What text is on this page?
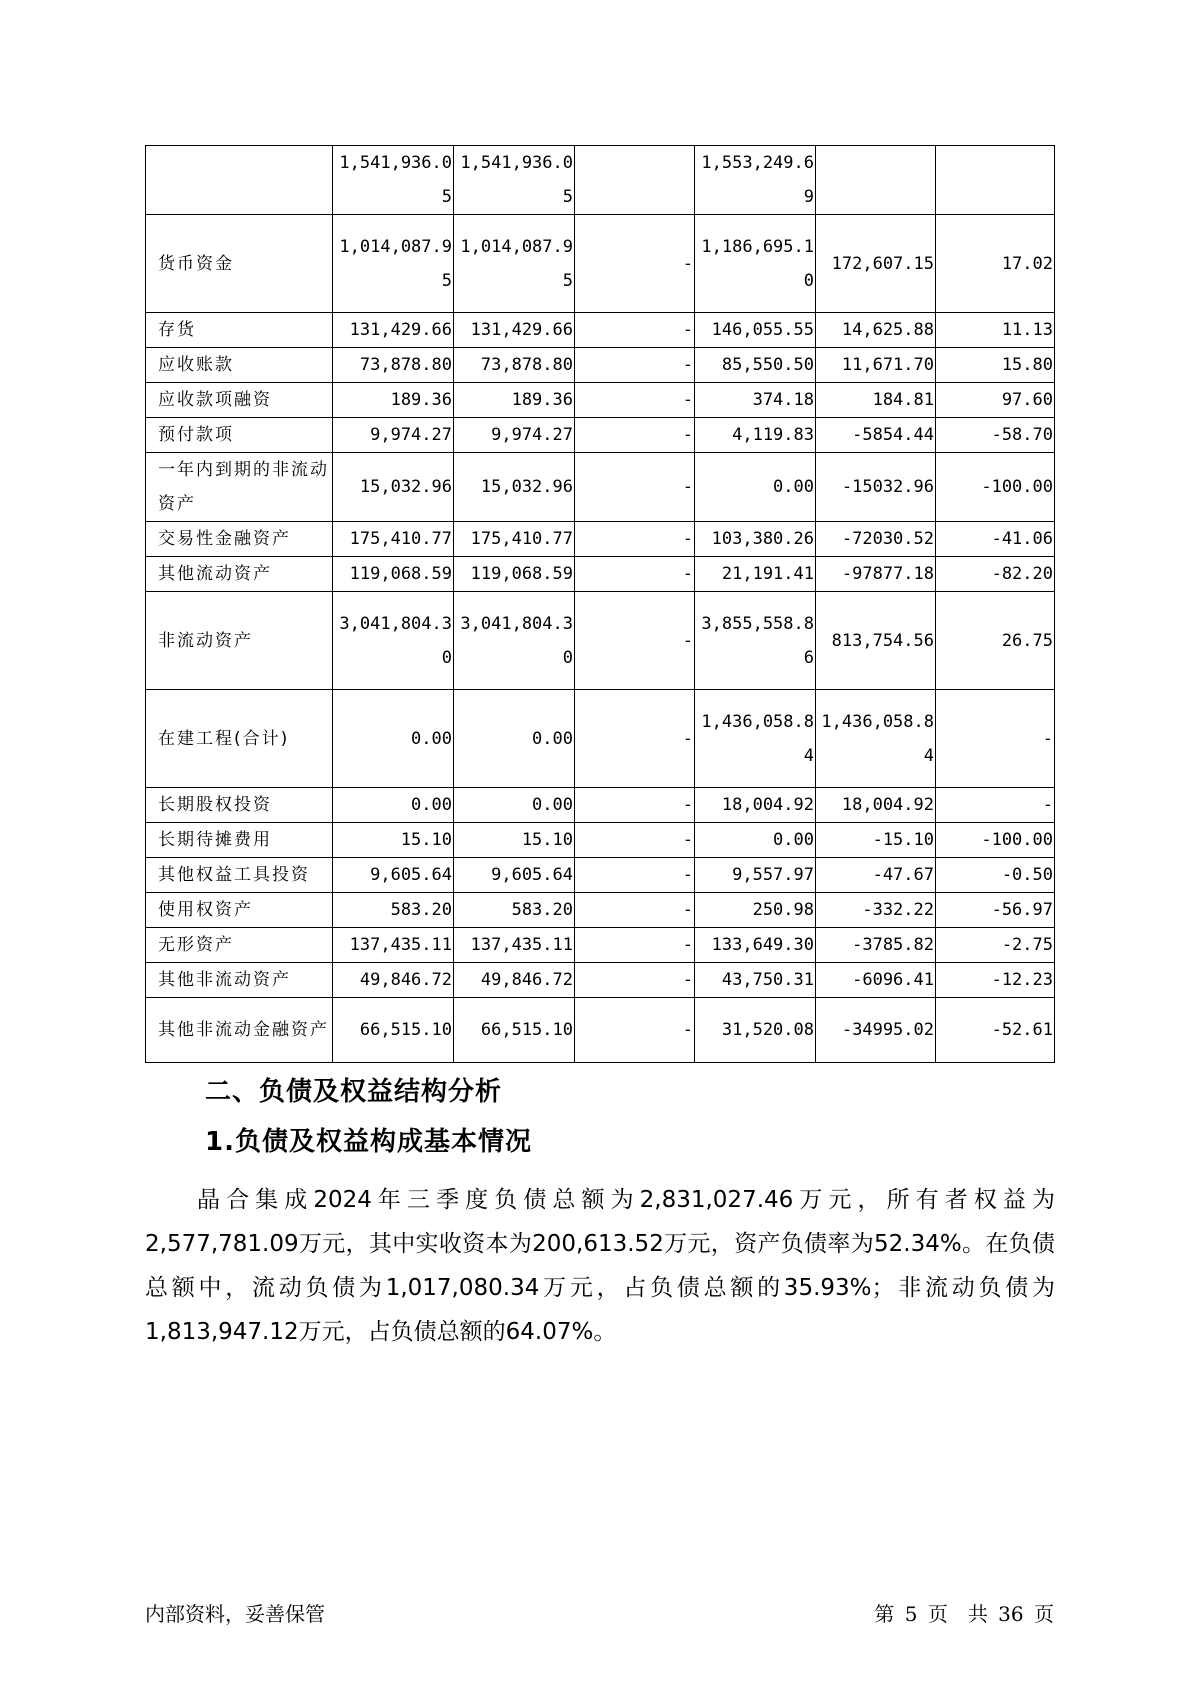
	1,541,936.05	1,541,936.05		1,553,249.69		
货币资金	1,014,087.95	1,014,087.95	-	1,186,695.10	172,607.15	17.02
存货	131,429.66	131,429.66	-	146,055.55	14,625.88	11.13
应收账款	73,878.80	73,878.80	-	85,550.50	11,671.70	15.80
应收款项融资	189.36	189.36	-	374.18	184.81	97.60
预付款项	9,974.27	9,974.27	-	4,119.83	-5854.44	-58.70
一年内到期的非流动资产	15,032.96	15,032.96	-	0.00	-15032.96	-100.00
交易性金融资产	175,410.77	175,410.77	-	103,380.26	-72030.52	-41.06
其他流动资产	119,068.59	119,068.59	-	21,191.41	-97877.18	-82.20
非流动资产	3,041,804.30	3,041,804.30	-	3,855,558.86	813,754.56	26.75
在建工程(合计)	0.00	0.00	-	1,436,058.84	1,436,058.84	-
长期股权投资	0.00	0.00	-	18,004.92	18,004.92	-
长期待摊费用	15.10	15.10	-	0.00	-15.10	-100.00
其他权益工具投资	9,605.64	9,605.64	-	9,557.97	-47.67	-0.50
使用权资产	583.20	583.20	-	250.98	-332.22	-56.97
无形资产	137,435.11	137,435.11	-	133,649.30	-3785.82	-2.75
其他非流动资产	49,846.72	49,846.72	-	43,750.31	-6096.41	-12.23
其他非流动金融资产	66,515.10	66,515.10	-	31,520.08	-34995.02	-52.61
二、负债及权益结构分析
1.负债及权益构成基本情况
晶合集成2024年三季度负债总额为2,831,027.46万元，所有者权益为2,577,781.09万元，其中实收资本为200,613.52万元，资产负债率为52.34%。在负债总额中，流动负债为1,017,080.34万元，占负债总额的35.93%；非流动负债为1,813,947.12万元，占负债总额的64.07%。
内部资料，妥善保管	第 5 页　共 36 页
